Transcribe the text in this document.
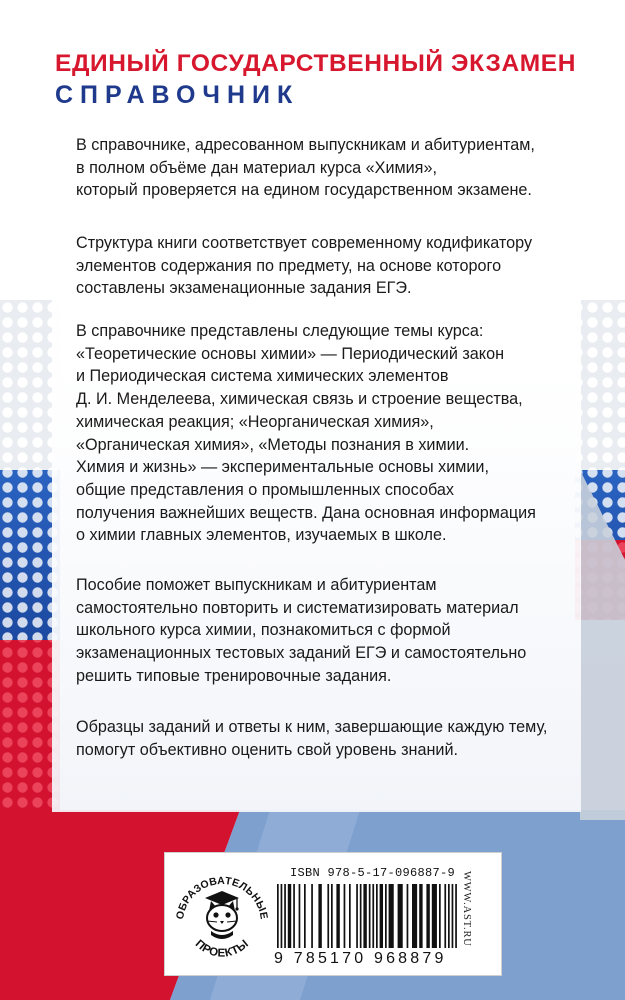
ЕДИНЫЙ ГОСУДАРСТВЕННЫЙ ЭКЗАМЕН
СПРАВОЧНИК
В справочнике, адресованном выпускникам и абитуриентам,
в полном объёме дан материал курса «Химия»,
который проверяется на едином государственном экзамене.
Структура книги соответствует современному кодификатору
элементов содержания по предмету, на основе которого
составлены экзаменационные задания ЕГЭ.
В справочнике представлены следующие темы курса:
«Теоретические основы химии» — Периодический закон
и Периодическая система химических элементов
Д. И. Менделеева, химическая связь и строение вещества,
химическая реакция; «Неорганическая химия»,
«Органическая химия», «Методы познания в химии.
Химия и жизнь» — экспериментальные основы химии,
общие представления о промышленных способах
получения важнейших веществ. Дана основная информация
о химии главных элементов, изучаемых в школе.
Пособие поможет выпускникам и абитуриентам
самостоятельно повторить и систематизировать материал
школьного курса химии, познакомиться с формой
экзаменационных тестовых заданий ЕГЭ и самостоятельно
решить типовые тренировочные задания.
Образцы заданий и ответы к ним, завершающие каждую тему,
помогут объективно оценить свой уровень знаний.
ОБРАЗОВАТЕЛЬНЫЕ
ПРОЕКТЫ
ISBN 978-5-17-096887-9
9 785170 968879
WWW.AST.RU
